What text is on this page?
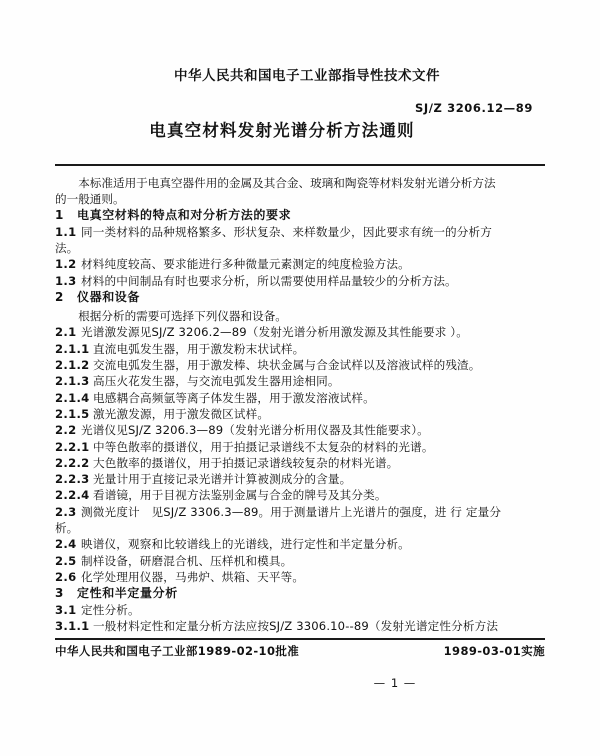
中华人民共和国电子工业部指导性技术文件
SJ/Z 3206.12—89
电真空材料发射光谱分析方法通则
本标准适用于电真空器件用的金属及其合金、玻璃和陶瓷等材料发射光谱分析方法
的一般通则。
1 电真空材料的特点和对分析方法的要求
1.1 同一类材料的品种规格繁多、形状复杂、来样数量少，因此要求有统一的分析方
法。
1.2 材料纯度较高、要求能进行多种微量元素测定的纯度检验方法。
1.3 材料的中间制品有时也要求分析，所以需要使用样品量较少的分析方法。
2 仪器和设备
根据分析的需要可选择下列仪器和设备。
2.1 光谱激发源见SJ/Z 3206.2—89（发射光谱分析用激发源及其性能要求 ）。
2.1.1 直流电弧发生器，用于激发粉末状试样。
2.1.2 交流电弧发生器，用于激发棒、块状金属与合金试样以及溶液试样的残渣。
2.1.3 高压火花发生器，与交流电弧发生器用途相同。
2.1.4 电感耦合高频氩等离子体发生器，用于激发溶液试样。
2.1.5 激光激发源，用于激发微区试样。
2.2 光谱仪见SJ/Z 3206.3—89（发射光谱分析用仪器及其性能要求）。
2.2.1 中等色散率的摄谱仪，用于拍摄记录谱线不太复杂的材料的光谱。
2.2.2 大色散率的摄谱仪，用于拍摄记录谱线较复杂的材料光谱。
2.2.3 光量计用于直接记录光谱并计算被测成分的含量。
2.2.4 看谱镜，用于目视方法鉴别金属与合金的牌号及其分类。
2.3 测微光度计　见SJ/Z 3306.3—89。用于测量谱片上光谱片的强度，进 行 定量分
析。
2.4 映谱仪，观察和比较谱线上的光谱线，进行定性和半定量分析。
2.5 制样设备，研磨混合机、压样机和模具。
2.6 化学处理用仪器，马弗炉、烘箱、天平等。
3 定性和半定量分析
3.1 定性分析。
3.1.1 一般材料定性和定量分析方法应按SJ/Z 3306.10--89（发射光谱定性分析方法
中华人民共和国电子工业部1989-02-10批准	1989-03-01实施
— 1 —
